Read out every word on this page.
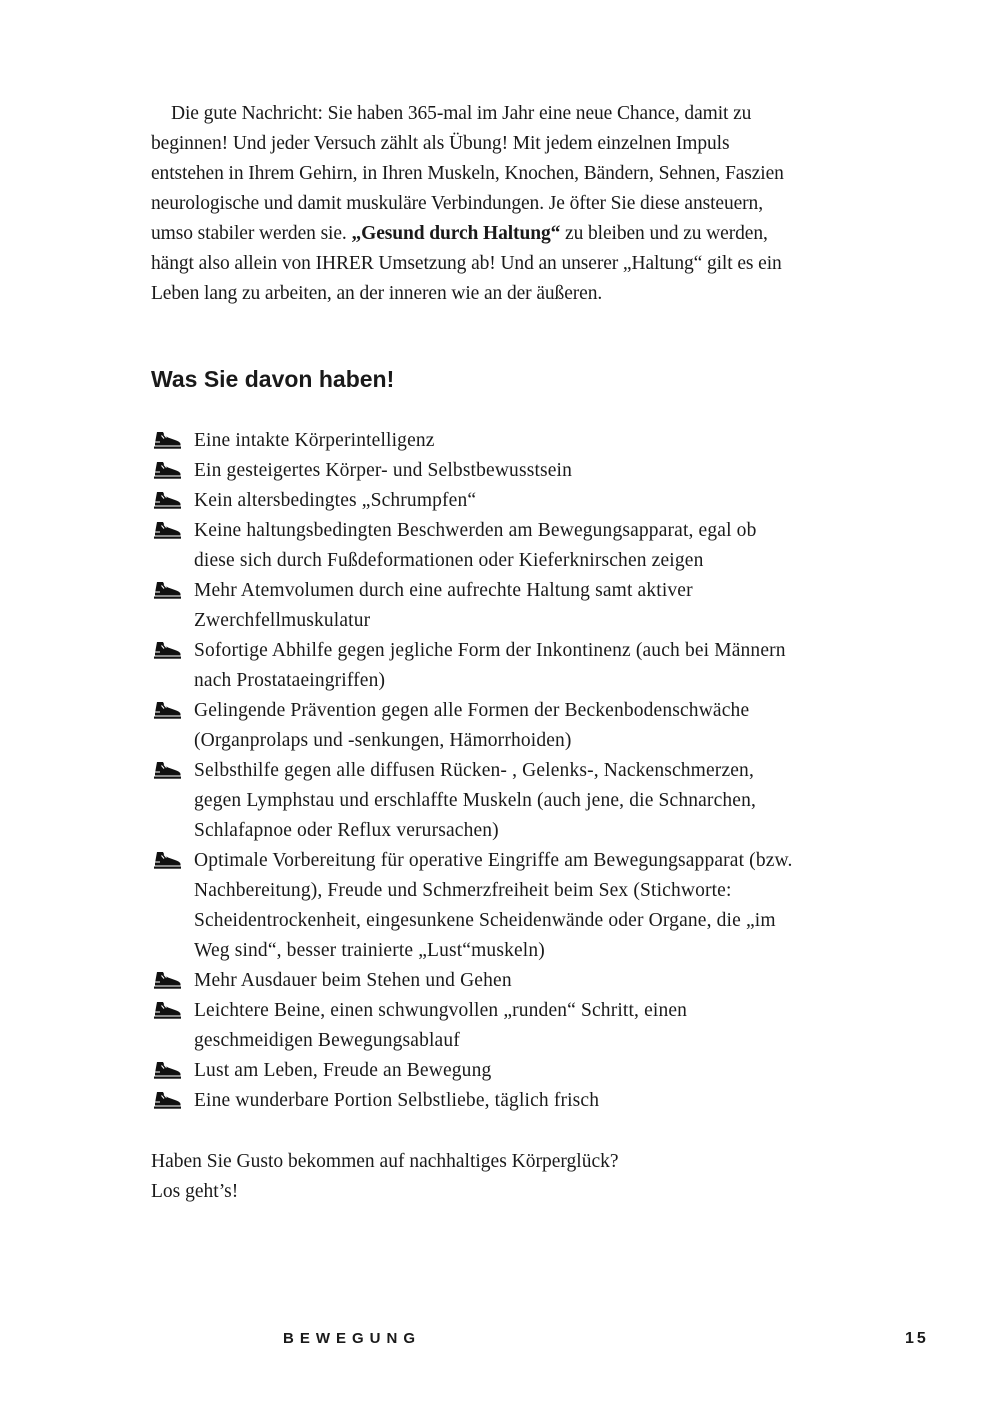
Die gute Nachricht: Sie haben 365-mal im Jahr eine neue Chance, damit zu beginnen! Und jeder Versuch zählt als Übung! Mit jedem einzelnen Impuls entstehen in Ihrem Gehirn, in Ihren Muskeln, Knochen, Bändern, Sehnen, Faszien neurologische und damit muskuläre Verbindungen. Je öfter Sie diese ansteuern, umso stabiler werden sie. „Gesund durch Haltung“ zu bleiben und zu werden, hängt also allein von IHRER Umsetzung ab! Und an unserer „Haltung“ gilt es ein Leben lang zu arbeiten, an der inneren wie an der äußeren.

Was Sie davon haben!
Eine intakte Körperintelligenz
Ein gesteigertes Körper- und Selbstbewusstsein
Kein altersbedingtes „Schrumpfen“
Keine haltungsbedingten Beschwerden am Bewegungsapparat, egal ob diese sich durch Fußdeformationen oder Kieferknirschen zeigen
Mehr Atemvolumen durch eine aufrechte Haltung samt aktiver Zwerchfellmuskulatur
Sofortige Abhilfe gegen jegliche Form der Inkontinenz (auch bei Männern nach Prostataeingriffen)
Gelingende Prävention gegen alle Formen der Beckenbodenschwäche (Organprolaps und -senkungen, Hämorrhoiden)
Selbsthilfe gegen alle diffusen Rücken- , Gelenks-, Nackenschmerzen, gegen Lymphstau und erschlaffte Muskeln (auch jene, die Schnarchen, Schlafapnoe oder Reflux verursachen)
Optimale Vorbereitung für operative Eingriffe am Bewegungsapparat (bzw. Nachbereitung), Freude und Schmerzfreiheit beim Sex (Stichworte: Scheidentrockenheit, eingesunkene Scheidenwände oder Organe, die „im Weg sind“, besser trainierte „Lust“muskeln)
Mehr Ausdauer beim Stehen und Gehen
Leichtere Beine, einen schwungvollen „runden“ Schritt, einen geschmeidigen Bewegungsablauf
Lust am Leben, Freude an Bewegung
Eine wunderbare Portion Selbstliebe, täglich frisch

Haben Sie Gusto bekommen auf nachhaltiges Körperglück?
Los geht’s!

BEWEGUNG	15
